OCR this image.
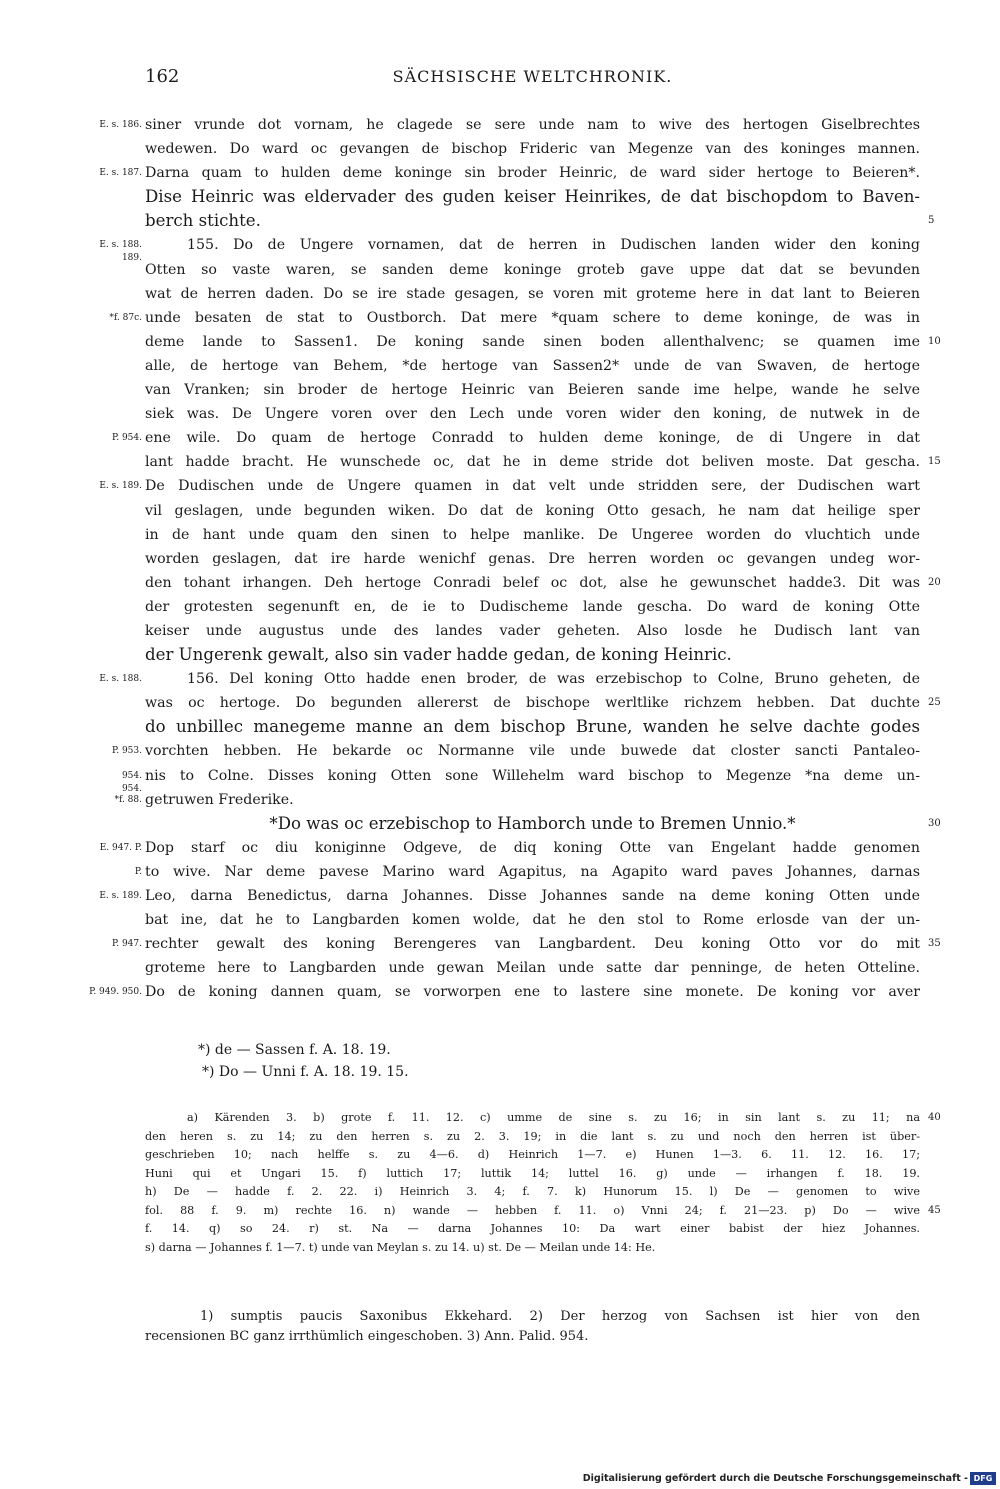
162	SÄCHSISCHE WELTCHRONIK.
E. s. 186. siner vrunde dot vornam, he clagede se sere unde nam to wive des hertogen Giselbrechtes
wedewen. Do ward oc gevangen de bischop Frideric van Megenze van des koninges mannen.
E. s. 187. Darna quam to hulden deme koninge sin broder Heinric, de ward sider hertoge to Beieren*.
Dise Heinric was eldervader des guden keiser Heinrikes, de dat bischopdom to Baven-
berch stichte.	5
E. s. 188.
189.
155. Do de Ungere vornamen, dat de herren in Dudischen landen wider den koning
Otten so vaste waren, se sanden deme koninge groteb gave uppe dat dat se bevunden
wat de herren daden. Do se ire stade gesagen, se voren mit groteme here in dat lant to Beieren
*f. 87c. unde besaten de stat to Oustborch. Dat mere *quam schere to deme koninge, de was in
deme lande to Sassen1. De koning sande sinen boden allenthalvenc; se quamen ime 10
alle, de hertoge van Behem, *de hertoge van Sassen2* unde de van Swaven, de hertoge
van Vranken; sin broder de hertoge Heinric van Beieren sande ime helpe, wande he selve
siek was. De Ungere voren over den Lech unde voren wider den koning, de nutwek in de
P. 954. ene wile. Do quam de hertoge Conradd to hulden deme koninge, de di Ungere in dat
lant hadde bracht. He wunschede oc, dat he in deme stride dot beliven moste. Dat gescha. 15
E. s. 189. De Dudischen unde de Ungere quamen in dat velt unde stridden sere, der Dudischen wart
vil geslagen, unde begunden wiken. Do dat de koning Otto gesach, he nam dat heilige sper
in de hant unde quam den sinen to helpe manlike. De Ungeree worden do vluchtich unde
worden geslagen, dat ire harde wenichf genas. Dre herren worden oc gevangen undeg wor-
den tohant irhangen. Deh hertoge Conradi belef oc dot, alse he gewunschet hadde3. Dit was 20
der grotesten segenunft en, de ie to Dudischeme lande gescha. Do ward de koning Otte
keiser unde augustus unde des landes vader geheten. Also losde he Dudisch lant van
der Ungerenk gewalt, also sin vader hadde gedan, de koning Heinric.
E. s. 188.	156. Del koning Otto hadde enen broder, de was erzebischop to Colne, Bruno geheten, de
was oc hertoge. Do begunden allererst de bischope werltlike richzem hebben. Dat duchte 25
do unbillec manegeme manne an dem bischop Brune, wanden he selve dachte godes
P. 953. vorchten hebben. He bekarde oc Normanne vile unde buwede dat closter sancti Pantaleo-
954.
954.
nis to Colne. Disses koning Otten sone Willehelm ward bischop to Megenze *na deme un-
*f. 88. getruwen Frederike.
*Do was oc erzebischop to Hamborch unde to Bremen Unnio.*	30
E. 947. P. Dop starf oc diu koniginne Odgeve, de diq koning Otte van Engelant hadde genomen
P. to wive. Nar deme pavese Marino ward Agapitus, na Agapito ward paves Johannes, darnas
E. s. 189. Leo, darna Benedictus, darna Johannes. Disse Johannes sande na deme koning Otten unde
bat ine, dat he to Langbarden komen wolde, dat he den stol to Rome erlosde van der un-
P. 947. rechter gewalt des koning Berengeres van Langbardent. Deu koning Otto vor do mit 35
groteme here to Langbarden unde gewan Meilan unde satte dar penninge, de heten Otteline.
P. 949. 950. Do de koning dannen quam, se vorworpen ene to lastere sine monete. De koning vor aver
*) de — Sassen f. A. 18. 19.
*) Do — Unni f. A. 18. 19. 15.
a) Kärenden 3. b) grote f. 11. 12. c) umme de sine s. zu 16; in sin lant s. zu 11; na 40
den heren s. zu 14; zu den herren s. zu 2. 3. 19; in die lant s. zu und noch den herren ist über-
geschrieben 10; nach helffe s. zu 4—6. d) Heinrich 1—7. e) Hunen 1—3. 6. 11. 12. 16. 17;
Huni qui et Ungari 15. f) luttich 17; luttik 14; luttel 16. g) unde — irhangen f. 18. 19.
h) De — hadde f. 2. 22. i) Heinrich 3. 4; f. 7. k) Hunorum 15. l) De — genomen to wive
fol. 88 f. 9. m) rechte 16. n) wande — hebben f. 11. o) Vnni 24; f. 21—23. p) Do — wive 45
f. 14. q) so 24. r) st. Na — darna Johannes 10: Da wart einer babist der hiez Johannes.
s) darna — Johannes f. 1—7. t) unde van Meylan s. zu 14. u) st. De — Meilan unde 14: He.
1) sumptis paucis Saxonibus Ekkehard. 2) Der herzog von Sachsen ist hier von den
recensionen BC ganz irrthümlich eingeschoben. 3) Ann. Palid. 954.
Digitalisierung gefördert durch die Deutsche Forschungsgemeinschaft - DFG
